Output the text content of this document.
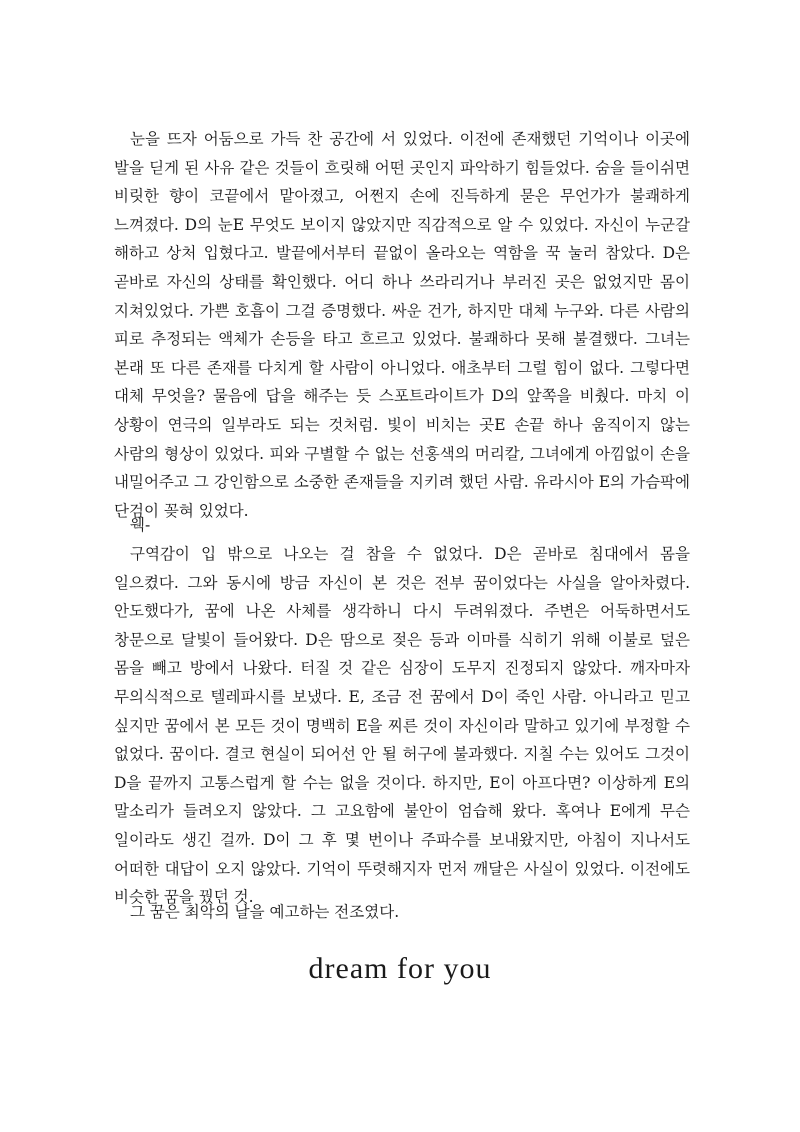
눈을 뜨자 어둠으로 가득 찬 공간에 서 있었다. 이전에 존재했던 기억이나 이곳에 발을 딛게 된 사유 같은 것들이 흐릿해 어떤 곳인지 파악하기 힘들었다. 숨을 들이쉬면 비릿한 향이 코끝에서 맡아졌고, 어쩐지 손에 진득하게 묻은 무언가가 불쾌하게 느껴졌다. D의 눈E 무엇도 보이지 않았지만 직감적으로 알 수 있었다. 자신이 누군갈 해하고 상처 입혔다고. 발끝에서부터 끝없이 올라오는 역함을 꾹 눌러 참았다. D은 곧바로 자신의 상태를 확인했다. 어디 하나 쓰라리거나 부러진 곳은 없었지만 몸이 지쳐있었다. 가쁜 호흡이 그걸 증명했다. 싸운 건가, 하지만 대체 누구와. 다른 사람의 피로 추정되는 액체가 손등을 타고 흐르고 있었다. 불쾌하다 못해 불결했다. 그녀는 본래 또 다른 존재를 다치게 할 사람이 아니었다. 애초부터 그럴 힘이 없다. 그렇다면 대체 무엇을? 물음에 답을 해주는 듯 스포트라이트가 D의 앞쪽을 비췄다. 마치 이 상황이 연극의 일부라도 되는 것처럼. 빛이 비치는 곳E 손끝 하나 움직이지 않는 사람의 형상이 있었다. 피와 구별할 수 없는 선홍색의 머리칼, 그녀에게 아낌없이 손을 내밀어주고 그 강인함으로 소중한 존재들을 지키려 했던 사람. 유라시아 E의 가슴팍에 단검이 꽂혀 있었다.
웩-
구역감이 입 밖으로 나오는 걸 참을 수 없었다. D은 곧바로 침대에서 몸을 일으켰다. 그와 동시에 방금 자신이 본 것은 전부 꿈이었다는 사실을 알아차렸다. 안도했다가, 꿈에 나온 사체를 생각하니 다시 두려워졌다. 주변은 어둑하면서도 창문으로 달빛이 들어왔다. D은 땀으로 젖은 등과 이마를 식히기 위해 이불로 덮은 몸을 빼고 방에서 나왔다. 터질 것 같은 심장이 도무지 진정되지 않았다. 깨자마자 무의식적으로 텔레파시를 보냈다. E, 조금 전 꿈에서 D이 죽인 사람. 아니라고 믿고 싶지만 꿈에서 본 모든 것이 명백히 E을 찌른 것이 자신이라 말하고 있기에 부정할 수 없었다. 꿈이다. 결코 현실이 되어선 안 될 허구에 불과했다. 지칠 수는 있어도 그것이 D을 끝까지 고통스럽게 할 수는 없을 것이다. 하지만, E이 아프다면? 이상하게 E의 말소리가 들려오지 않았다. 그 고요함에 불안이 엄습해 왔다. 혹여나 E에게 무슨 일이라도 생긴 걸까. D이 그 후 몇 번이나 주파수를 보내왔지만, 아침이 지나서도 어떠한 대답이 오지 않았다. 기억이 뚜렷해지자 먼저 깨달은 사실이 있었다. 이전에도 비슷한 꿈을 꿨던 것.
그 꿈은 최악의 날을 예고하는 전조였다.
dream for you
